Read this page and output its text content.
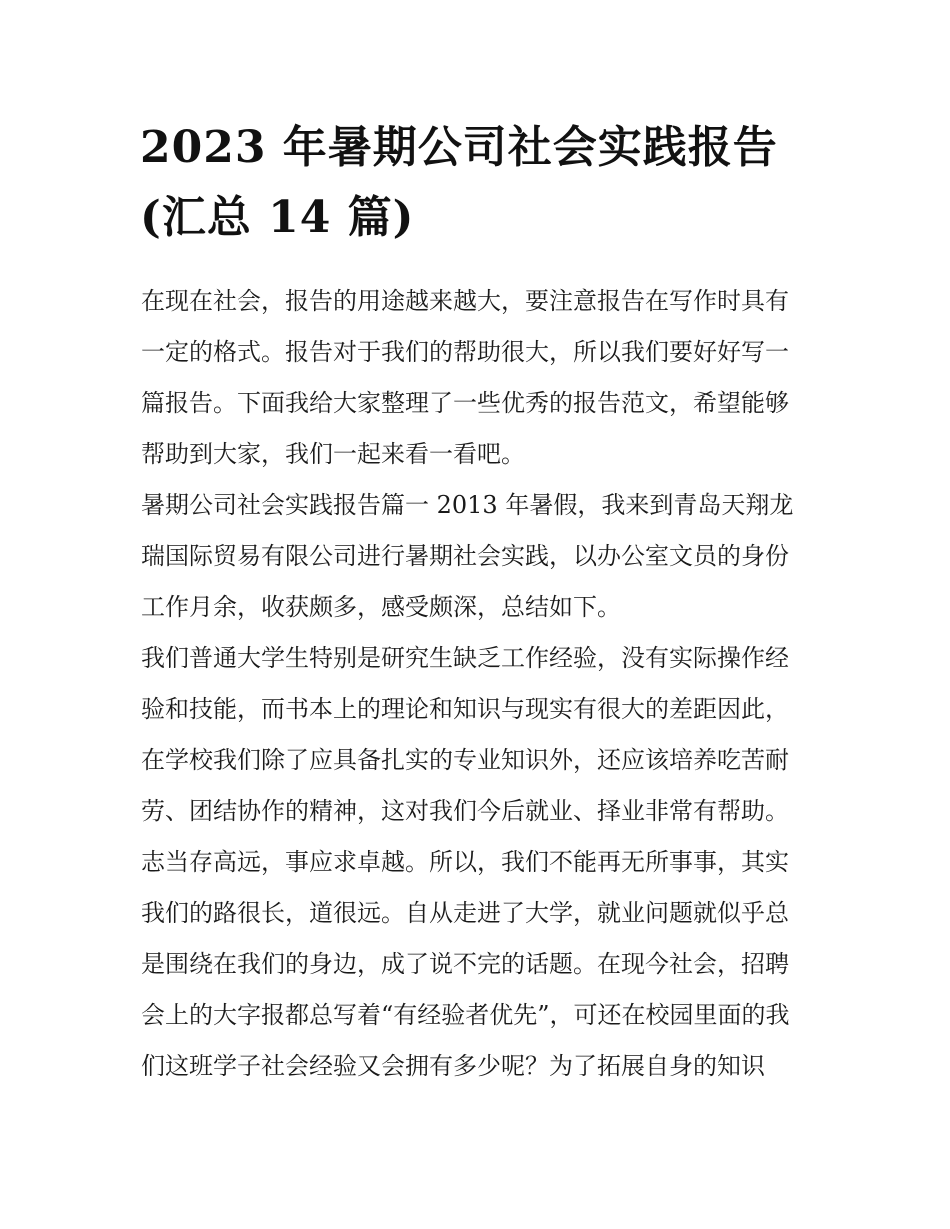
2023 年暑期公司社会实践报告
(汇总 14 篇)

在现在社会，报告的用途越来越大，要注意报告在写作时具有
一定的格式。报告对于我们的帮助很大，所以我们要好好写一
篇报告。下面我给大家整理了一些优秀的报告范文，希望能够
帮助到大家，我们一起来看一看吧。

暑期公司社会实践报告篇一 2013 年暑假，我来到青岛天翔龙
瑞国际贸易有限公司进行暑期社会实践，以办公室文员的身份
工作月余，收获颇多，感受颇深，总结如下。

我们普通大学生特别是研究生缺乏工作经验，没有实际操作经
验和技能，而书本上的理论和知识与现实有很大的差距因此，
在学校我们除了应具备扎实的专业知识外，还应该培养吃苦耐
劳、团结协作的精神，这对我们今后就业、择业非常有帮助。

志当存高远，事应求卓越。所以，我们不能再无所事事，其实
我们的路很长，道很远。自从走进了大学，就业问题就似乎总
是围绕在我们的身边，成了说不完的话题。在现今社会，招聘
会上的大字报都总写着“有经验者优先”，可还在校园里面的我
们这班学子社会经验又会拥有多少呢？为了拓展自身的知识
